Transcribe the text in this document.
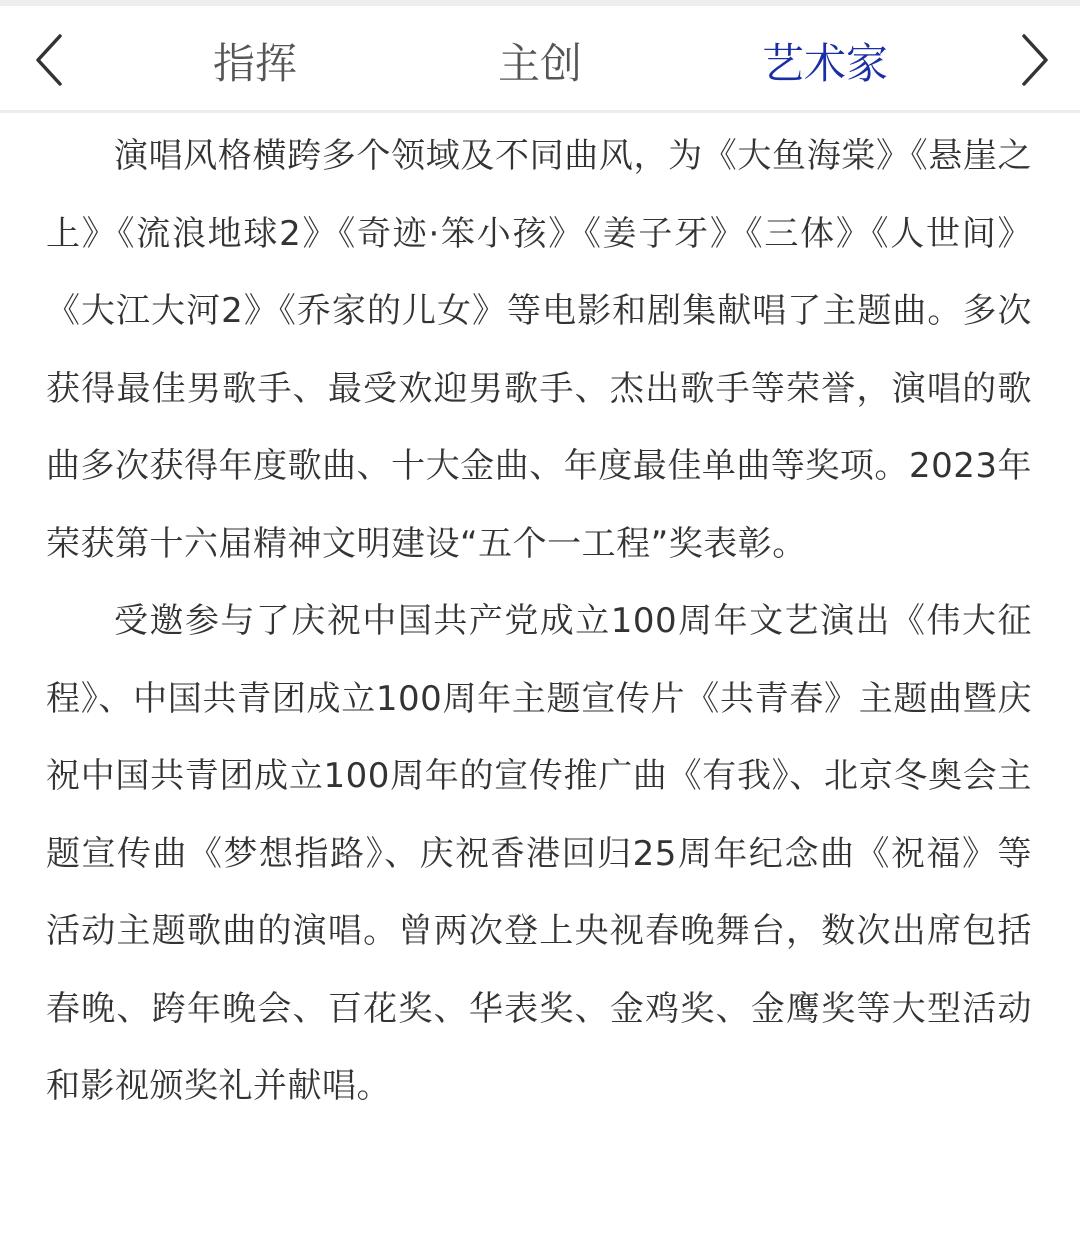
指挥	主创	艺术家

演唱风格横跨多个领域及不同曲风，为《大鱼海棠》《悬崖之上》《流浪地球2》《奇迹·笨小孩》《姜子牙》《三体》《人世间》《大江大河2》《乔家的儿女》等电影和剧集献唱了主题曲。多次获得最佳男歌手、最受欢迎男歌手、杰出歌手等荣誉，演唱的歌曲多次获得年度歌曲、十大金曲、年度最佳单曲等奖项。2023年荣获第十六届精神文明建设“五个一工程”奖表彰。

受邀参与了庆祝中国共产党成立100周年文艺演出《伟大征程》、中国共青团成立100周年主题宣传片《共青春》主题曲暨庆祝中国共青团成立100周年的宣传推广曲《有我》、北京冬奥会主题宣传曲《梦想指路》、庆祝香港回归25周年纪念曲《祝福》等活动主题歌曲的演唱。曾两次登上央视春晚舞台，数次出席包括春晚、跨年晚会、百花奖、华表奖、金鸡奖、金鹰奖等大型活动和影视颁奖礼并献唱。
